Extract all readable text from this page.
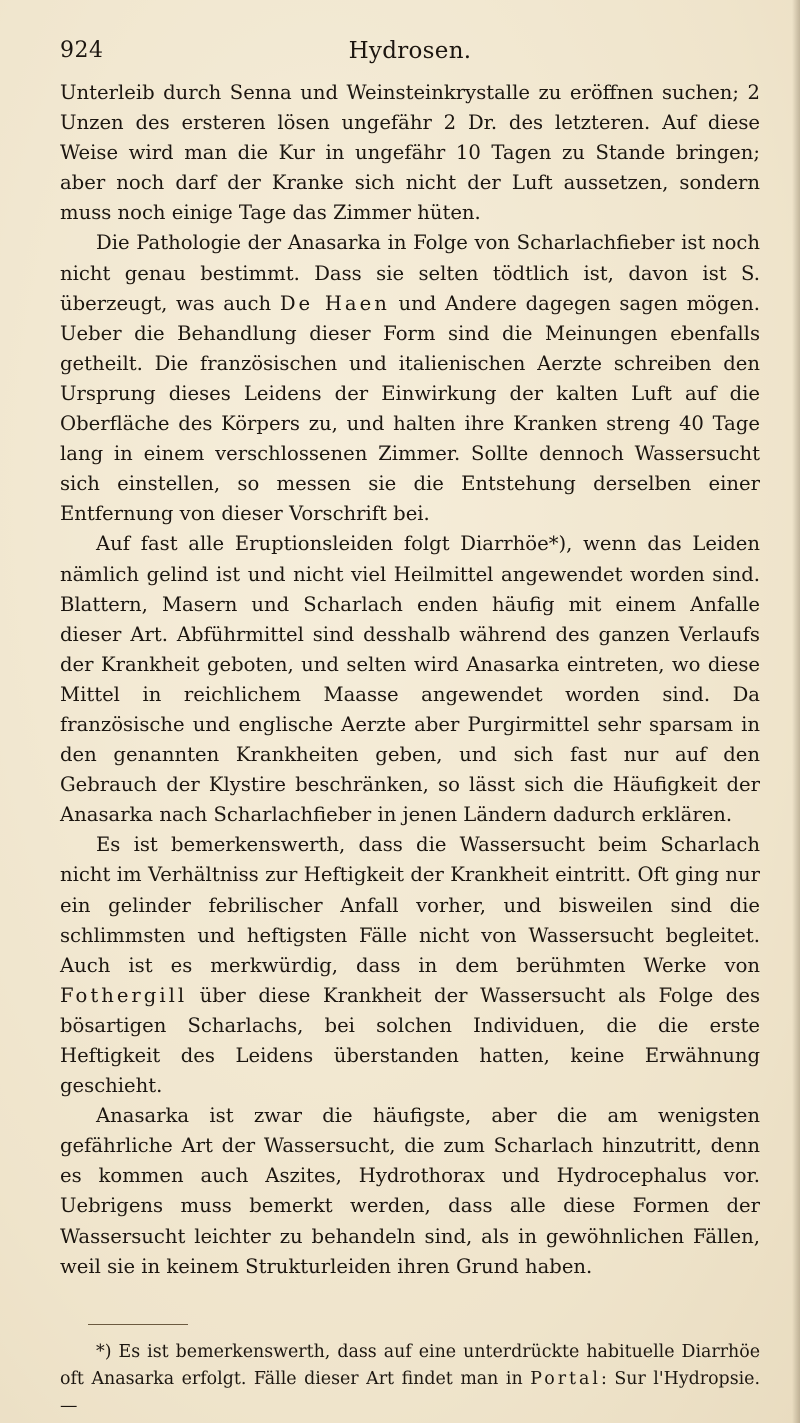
924	Hydrosen.

Unterleib durch Senna und Weinsteinkrystalle zu eröffnen suchen; 2 Unzen des ersteren lösen ungefähr 2 Dr. des letzteren. Auf diese Weise wird man die Kur in ungefähr 10 Tagen zu Stande bringen; aber noch darf der Kranke sich nicht der Luft aussetzen, sondern muss noch einige Tage das Zimmer hüten.

Die Pathologie der Anasarka in Folge von Scharlachfieber ist noch nicht genau bestimmt. Dass sie selten tödtlich ist, davon ist S. überzeugt, was auch De Haen und Andere dagegen sagen mögen. Ueber die Behandlung dieser Form sind die Meinungen ebenfalls getheilt. Die französischen und italienischen Aerzte schreiben den Ursprung dieses Leidens der Einwirkung der kalten Luft auf die Oberfläche des Körpers zu, und halten ihre Kranken streng 40 Tage lang in einem verschlossenen Zimmer. Sollte dennoch Wassersucht sich einstellen, so messen sie die Entstehung derselben einer Entfernung von dieser Vorschrift bei.

Auf fast alle Eruptionsleiden folgt Diarrhöe*), wenn das Leiden nämlich gelind ist und nicht viel Heilmittel angewendet worden sind. Blattern, Masern und Scharlach enden häufig mit einem Anfalle dieser Art. Abführmittel sind desshalb während des ganzen Verlaufs der Krankheit geboten, und selten wird Anasarka eintreten, wo diese Mittel in reichlichem Maasse angewendet worden sind. Da französische und englische Aerzte aber Purgirmittel sehr sparsam in den genannten Krankheiten geben, und sich fast nur auf den Gebrauch der Klystire beschränken, so lässt sich die Häufigkeit der Anasarka nach Scharlachfieber in jenen Ländern dadurch erklären.

Es ist bemerkenswerth, dass die Wassersucht beim Scharlach nicht im Verhältniss zur Heftigkeit der Krankheit eintritt. Oft ging nur ein gelinder febrilischer Anfall vorher, und bisweilen sind die schlimmsten und heftigsten Fälle nicht von Wassersucht begleitet. Auch ist es merkwürdig, dass in dem berühmten Werke von Fothergill über diese Krankheit der Wassersucht als Folge des bösartigen Scharlachs, bei solchen Individuen, die die erste Heftigkeit des Leidens überstanden hatten, keine Erwähnung geschieht.

Anasarka ist zwar die häufigste, aber die am wenigsten gefährliche Art der Wassersucht, die zum Scharlach hinzutritt, denn es kommen auch Aszites, Hydrothorax und Hydrocephalus vor. Uebrigens muss bemerkt werden, dass alle diese Formen der Wassersucht leichter zu behandeln sind, als in gewöhnlichen Fällen, weil sie in keinem Strukturleiden ihren Grund haben.

*) Es ist bemerkenswerth, dass auf eine unterdrückte habituelle Diarrhöe oft Anasarka erfolgt. Fälle dieser Art findet man in Portal: Sur l'Hydropsie. —
